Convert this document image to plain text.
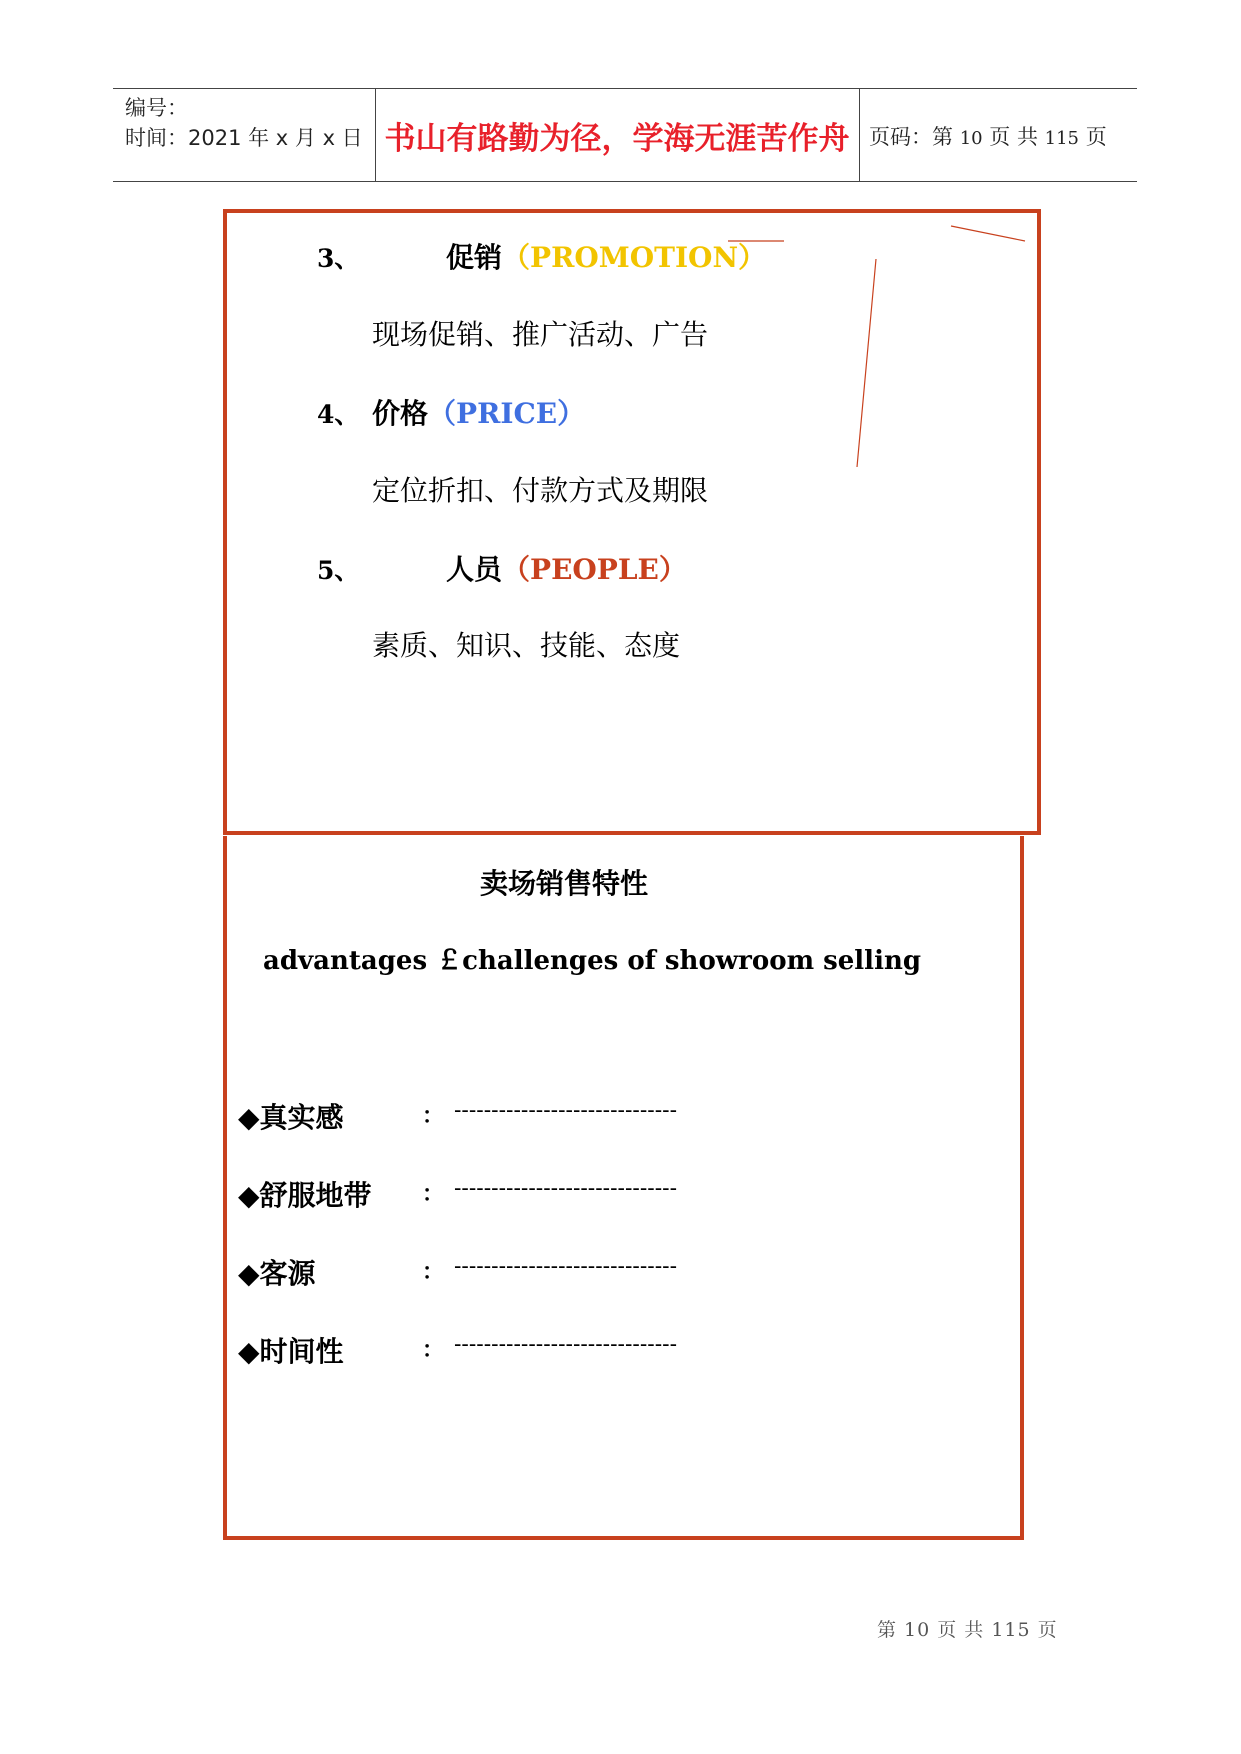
编号：
时间：2021 年 x 月 x 日 书山有路勤为径，学海无涯苦作舟 页码：第 10 页 共 115 页
3、	促销（PROMOTION）
现场促销、推广活动、广告
4、 价格（PRICE）
定位折扣、付款方式及期限
5、	人员（PEOPLE）
素质、知识、技能、态度
卖场销售特性
advantages ￡challenges of showroom selling
◆真实感	： ------------------------------
◆舒服地带 ： ------------------------------
◆客源	： ------------------------------
◆时间性	： ------------------------------
第 10 页 共 115 页
